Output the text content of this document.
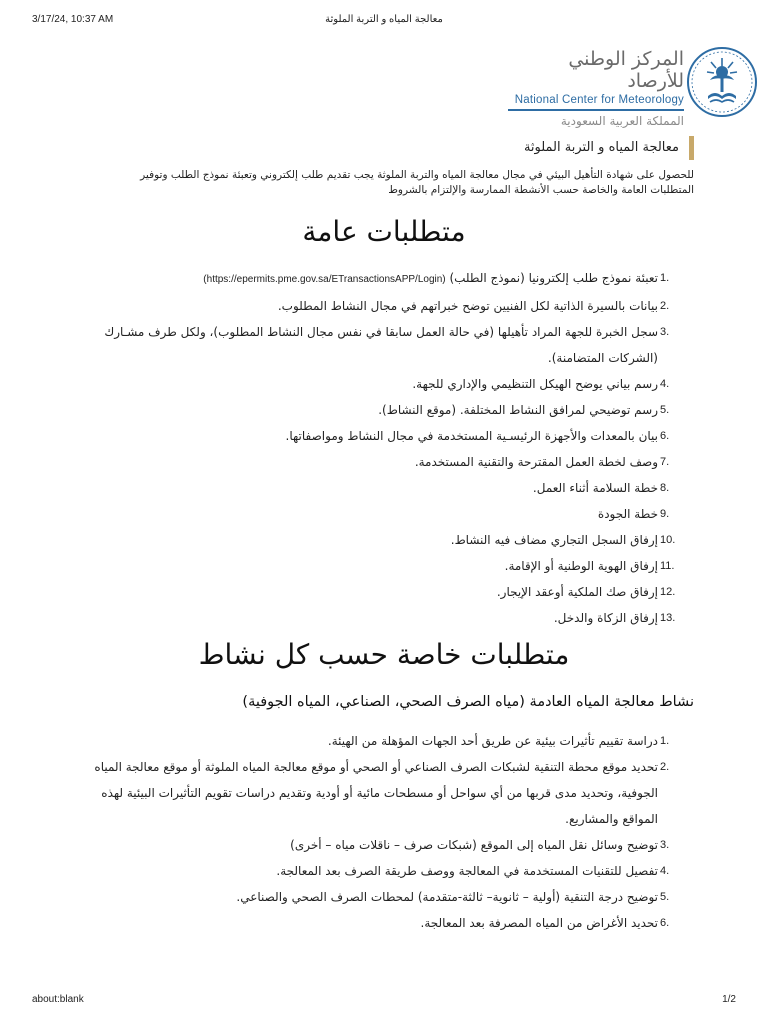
3/17/24, 10:37 AM	معالجة المياه و التربة الملوثة
المركز الوطني للأرصاد
National Center for Meteorology
المملكة العربية السعودية
معالجة المياه و التربة الملوثة
للحصول على شهادة التأهيل البيئي في مجال معالجة المياه والتربة الملوثة يجب تقديم طلب إلكتروني وتعبئة نموذج الطلب وتوفير المتطلبات العامة والخاصة حسب الأنشطة الممارسة والإلتزام بالشروط
متطلبات عامة
1.
تعبئة نموذج طلب إلكترونيا (نموذج الطلب) (https://epermits.pme.gov.sa/ETransactionsAPP/Login)
2.
بيانات بالسيرة الذاتية لكل الفنيين توضح خبراتهم في مجال النشاط المطلوب.
3.
سجل الخبرة للجهة المراد تأهيلها (في حالة العمل سابقا في نفس مجال النشاط المطلوب)، ولكل طرف مشـارك (الشركات المتضامنة).
4.
رسم بياني يوضح الهيكل التنظيمي والإداري للجهة.
5.
رسم توضيحي لمرافق النشاط المختلفة. (موقع النشاط).
6.
بيان بالمعدات والأجهزة الرئيسـية المستخدمة في مجال النشاط ومواصفاتها.
7.
وصف لخطة العمل المقترحة والتقنية المستخدمة.
8.
خطة السلامة أثناء العمل.
9.
خطة الجودة
10.
إرفاق السجل التجاري مضاف فيه النشاط.
11.
إرفاق الهوية الوطنية أو الإقامة.
12.
إرفاق صك الملكية أوعقد الإيجار.
13.
إرفاق الزكاة والدخل.
متطلبات خاصة حسب كل نشاط
نشاط معالجة المياه العادمة (مياه الصرف الصحي، الصناعي، المياه الجوفية)
1.
دراسة تقييم تأثيرات بيئية عن طريق أحد الجهات المؤهلة من الهيئة.
2.
تحديد موقع محطة التنقية لشبكات الصرف الصناعي أو الصحي أو موقع معالجة المياه الملوثة أو موقع معالجة المياه الجوفية، وتحديد مدى قربها من أي سواحل أو مسطحات مائية أو أودية وتقديم دراسات تقويم التأثيرات البيئية لهذه المواقع والمشاريع.
3.
توضيح وسائل نقل المياه إلى الموقع (شبكات صرف – ناقلات مياه – أخرى)
4.
تفصيل للتقنيات المستخدمة في المعالجة ووصف طريقة الصرف بعد المعالجة.
5.
توضيح درجة التنقية (أولية – ثانوية– ثالثة-متقدمة) لمحطات الصرف الصحي والصناعي.
6.
تحديد الأغراض من المياه المصرفة بعد المعالجة.
about:blank	1/2
